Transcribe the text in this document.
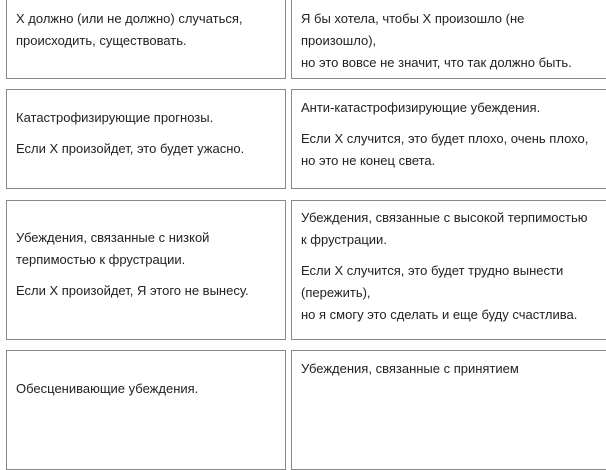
X должно (или не должно) случаться,
происходить, существовать.
Я бы хотела, чтобы X произошло (не
произошло),
но это вовсе не значит, что так должно быть.
Катастрофизирующие прогнозы.
Если X произойдет, это будет ужасно.
Анти-катастрофизирующие убеждения.
Если X случится, это будет плохо, очень плохо,
но это не конец света.
Убеждения, связанные с низкой
терпимостью к фрустрации.
Если X произойдет, Я этого не вынесу.
Убеждения, связанные с высокой терпимостью
к фрустрации.
Если X случится, это будет трудно вынести
(пережить),
но я смогу это сделать и еще буду счастлива.
Обесценивающие убеждения.
Убеждения, связанные с принятием
